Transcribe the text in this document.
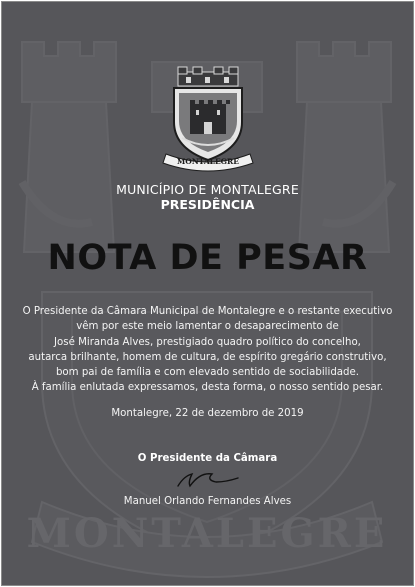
MONTALEGRE
MONTALEGRE
MUNICÍPIO DE MONTALEGRE
PRESIDÊNCIA
NOTA DE PESAR
O Presidente da Câmara Municipal de Montalegre e o restante executivo
vêm por este meio lamentar o desaparecimento de
José Miranda Alves, prestigiado quadro político do concelho,
autarca brilhante, homem de cultura, de espírito gregário construtivo,
bom pai de família e com elevado sentido de sociabilidade.
À família enlutada expressamos, desta forma, o nosso sentido pesar.
Montalegre, 22 de dezembro de 2019
O Presidente da Câmara
Manuel Orlando Fernandes Alves
